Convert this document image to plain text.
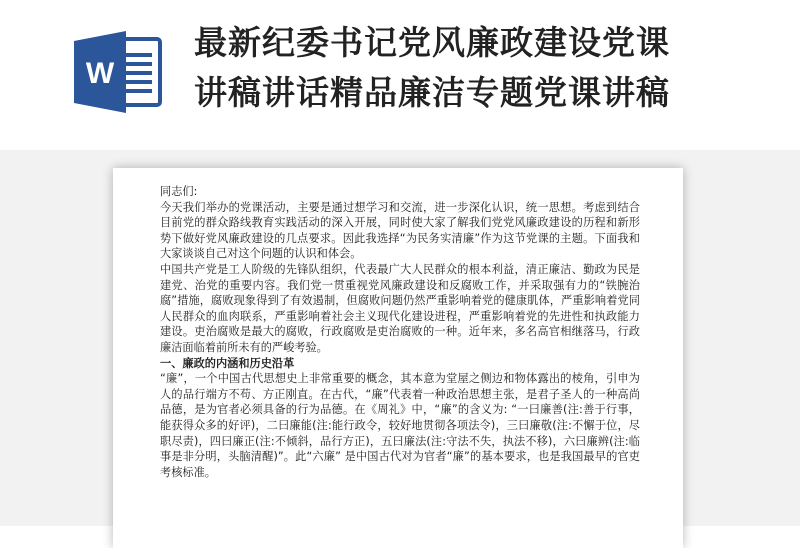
W
最新纪委书记党风廉政建设党课
讲稿讲话精品廉洁专题党课讲稿

同志们:

今天我们举办的党课活动，主要是通过想学习和交流，进一步深化认识，统一思想。考虑到结合目前党的群众路线教育实践活动的深入开展，同时使大家了解我们党党风廉政建设的历程和新形势下做好党风廉政建设的几点要求。因此我选择“为民务实清廉”作为这节党课的主题。下面我和大家谈谈自己对这个问题的认识和体会。

中国共产党是工人阶级的先锋队组织，代表最广大人民群众的根本利益，清正廉洁、勤政为民是建党、治党的重要内容。我们党一贯重视党风廉政建设和反腐败工作，并采取强有力的“铁腕治腐”措施，腐败现象得到了有效遏制，但腐败问题仍然严重影响着党的健康肌体，严重影响着党同人民群众的血肉联系，严重影响着社会主义现代化建设进程，严重影响着党的先进性和执政能力建设。吏治腐败是最大的腐败，行政腐败是吏治腐败的一种。近年来，多名高官相继落马，行政廉洁面临着前所未有的严峻考验。

一、廉政的内涵和历史沿革

“廉”，一个中国古代思想史上非常重要的概念，其本意为堂屋之侧边和物体露出的棱角，引申为人的品行端方不苟、方正刚直。在古代，“廉”代表着一种政治思想主张，是君子圣人的一种高尚品德，是为官者必须具备的行为品德。在《周礼》中，“廉”的含义为: “一曰廉善(注:善于行事，能获得众多的好评)，二曰廉能(注:能行政令，较好地贯彻各项法令)，三曰廉敬(注:不懈于位，尽职尽责)，四曰廉正(注:不倾斜，品行方正)，五曰廉法(注:守法不失，执法不移)，六曰廉辨(注:临事是非分明，头脑清醒)”。此“六廉” 是中国古代对为官者“廉”的基本要求，也是我国最早的官吏考核标准。
